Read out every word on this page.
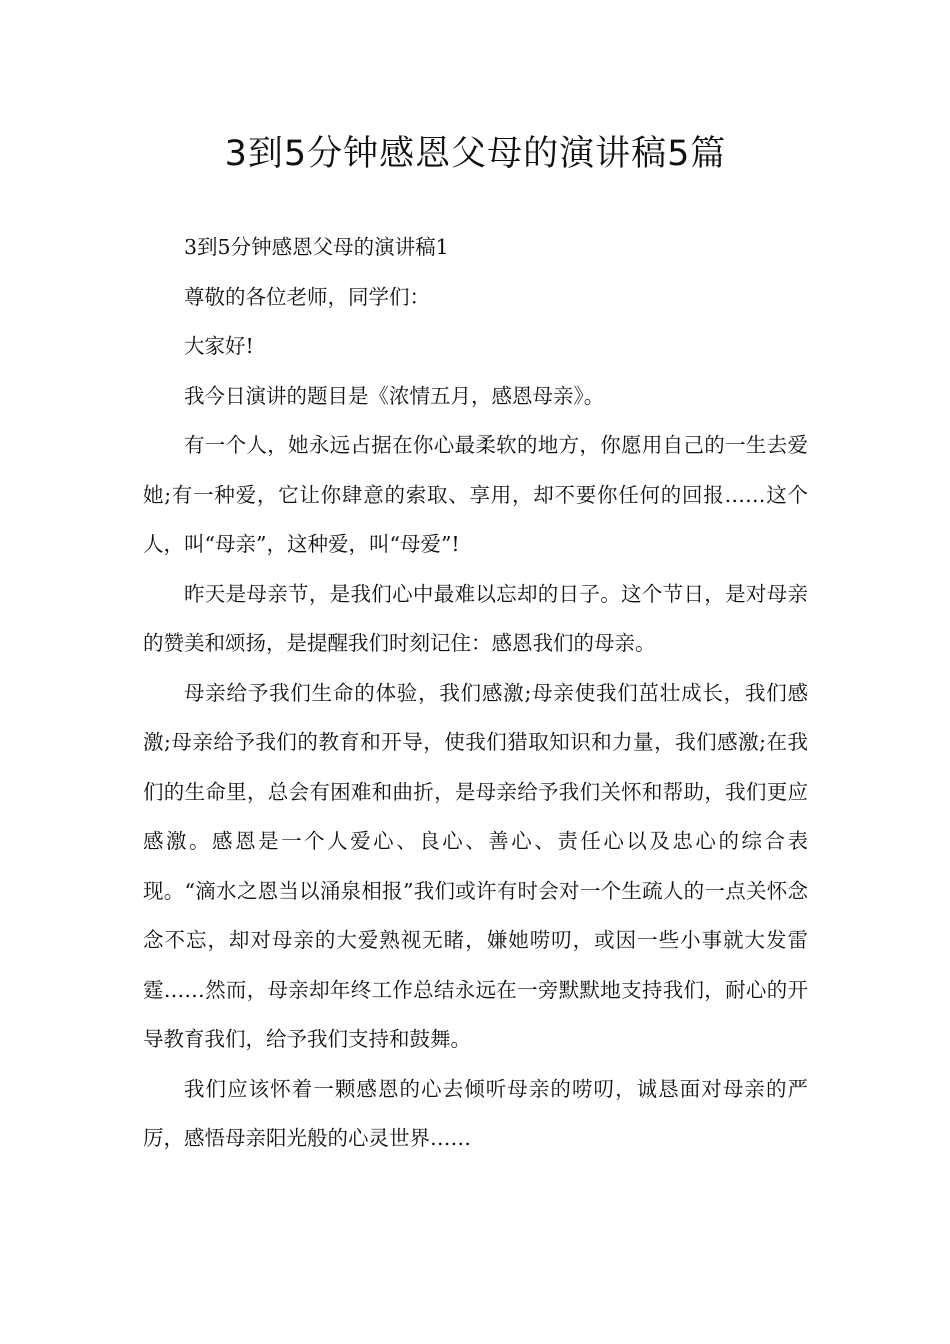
3到5分钟感恩父母的演讲稿5篇

3到5分钟感恩父母的演讲稿1

尊敬的各位老师，同学们：

大家好!

我今日演讲的题目是《浓情五月，感恩母亲》。

有一个人，她永远占据在你心最柔软的地方，你愿用自己的一生去爱她;有一种爱，它让你肆意的索取、享用，却不要你任何的回报……这个人，叫“母亲”，这种爱，叫“母爱”!

昨天是母亲节，是我们心中最难以忘却的日子。这个节日，是对母亲的赞美和颂扬，是提醒我们时刻记住：感恩我们的母亲。

母亲给予我们生命的体验，我们感激;母亲使我们茁壮成长，我们感激;母亲给予我们的教育和开导，使我们猎取知识和力量，我们感激;在我们的生命里，总会有困难和曲折，是母亲给予我们关怀和帮助，我们更应感激。感恩是一个人爱心、良心、善心、责任心以及忠心的综合表现。“滴水之恩当以涌泉相报”我们或许有时会对一个生疏人的一点关怀念念不忘，却对母亲的大爱熟视无睹，嫌她唠叨，或因一些小事就大发雷霆……然而，母亲却年终工作总结永远在一旁默默地支持我们，耐心的开导教育我们，给予我们支持和鼓舞。

我们应该怀着一颗感恩的心去倾听母亲的唠叨，诚恳面对母亲的严厉，感悟母亲阳光般的心灵世界……
